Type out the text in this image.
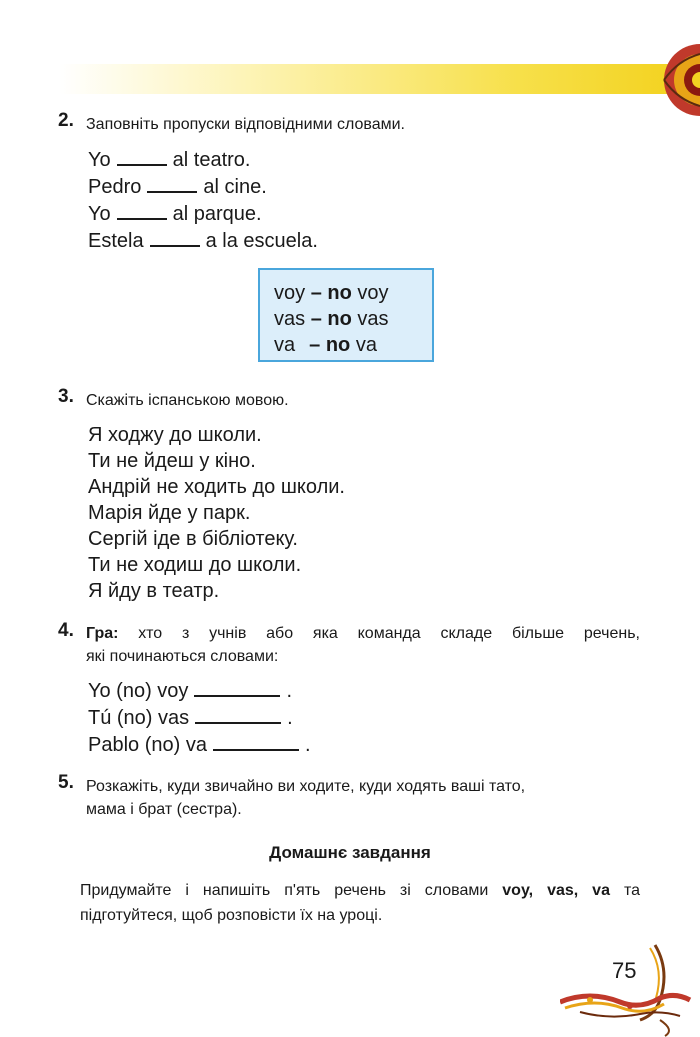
2. Заповніть пропуски відповідними словами.
Yo	al teatro.
Pedro	al cine.
Yo	al parque.
Estela	a la escuela.
voy – no voy
vas – no vas
va – no va
3. Скажіть іспанською мовою.
Я ходжу до школи.
Ти не йдеш у кіно.
Андрій не ходить до школи.
Марія йде у парк.
Сергій іде в бібліотеку.
Ти не ходиш до школи.
Я йду в театр.
4. Гра: хто з учнів або яка команда складе більше речень,
які починаються словами:
Yo (no) voy	.
Tú (no) vas	.
Pablo (no) va	.
5. Розкажіть, куди звичайно ви ходите, куди ходять ваші тато,
мама і брат (сестра).
Домашнє завдання
Придумайте і напишіть п'ять речень зі словами voy, vas, va та підготуйтеся, щоб розповісти їх на уроці.
75
